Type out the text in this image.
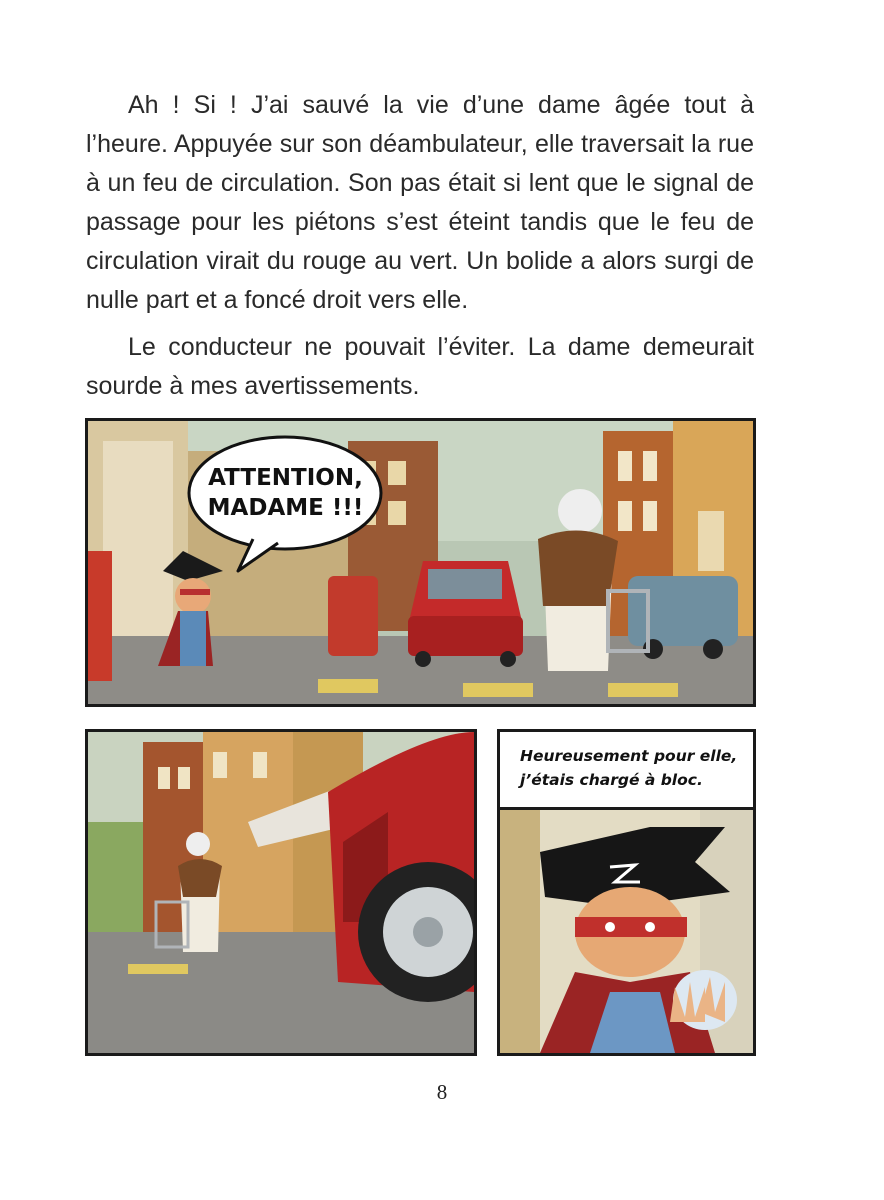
Ah ! Si ! J’ai sauvé la vie d’une dame âgée tout à l’heure. Appuyée sur son déambulateur, elle traversait la rue à un feu de circulation. Son pas était si lent que le signal de passage pour les piétons s’est éteint tandis que le feu de circulation virait du rouge au vert. Un bolide a alors surgi de nulle part et a foncé droit vers elle.

Le conducteur ne pouvait l’éviter. La dame demeurait sourde à mes avertissements.

ATTENTION,
MADAME !!!
Heureusement pour elle,
j’étais chargé à bloc.
8
